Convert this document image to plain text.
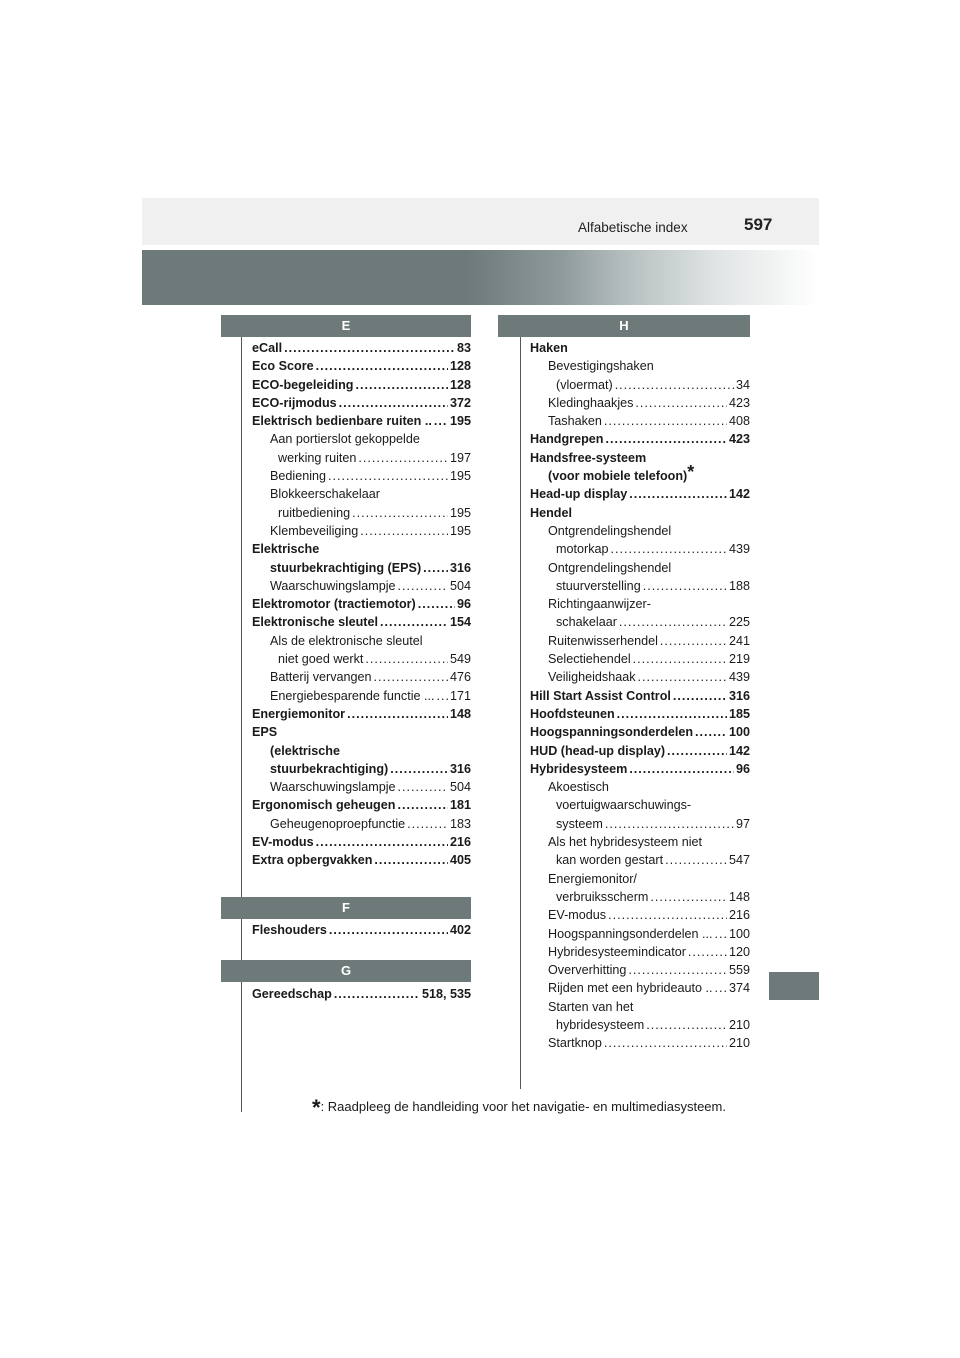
Alfabetische index	597
E
eCall .....	83
Eco Score .....	128
ECO-begeleiding .....	128
ECO-rijmodus .....	372
Elektrisch bedienbare ruiten .. ..... 195
Aan portierslot gekoppelde
werking ruiten .....	197
Bediening .....	195
Blokkeerschakelaar
ruitbediening .....	195
Klembeveiliging .....	195
Elektrische
stuurbekrachtiging (EPS) ..... 316
Waarschuwingslampje .....	504
Elektromotor (tractiemotor) .....	96
Elektronische sleutel .....	154
Als de elektronische sleutel
niet goed werkt .....	549
Batterij vervangen .....	476
Energiebesparende functie ... ..... 171
Energiemonitor .....	148
EPS
(elektrische
stuurbekrachtiging) .....	316
Waarschuwingslampje .....	504
Ergonomisch geheugen .....	181
Geheugenoproepfunctie .....	183
EV-modus .....	216
Extra opbergvakken .....	405
F
Fleshouders .....	402
G
Gereedschap .....	518, 535
H
Haken
Bevestigingshaken
(vloermat) .....	34
Kledinghaakjes .....	423
Tashaken .....	408
Handgrepen .....	423
Handsfree-systeem
(voor mobiele telefoon)*
Head-up display .....	142
Hendel
Ontgrendelingshendel
motorkap .....	439
Ontgrendelingshendel
stuurverstelling .....	188
Richtingaanwijzer-
schakelaar .....	225
Ruitenwisserhendel .....	241
Selectiehendel .....	219
Veiligheidshaak .....	439
Hill Start Assist Control .....	316
Hoofdsteunen .....	185
Hoogspanningsonderdelen .....	100
HUD (head-up display) .....	142
Hybridesysteem .....	96
Akoestisch
voertuigwaarschuwings-
systeem .....	97
Als het hybridesysteem niet
kan worden gestart .....	547
Energiemonitor/
verbruiksscherm .....	148
EV-modus .....	216
Hoogspanningsonderdelen ... ..... 100
Hybridesysteemindicator .....	120
Oververhitting .....	559
Rijden met een hybrideauto .. ..... 374
Starten van het
hybridesysteem .....	210
Startknop .....	210
*: Raadpleeg de handleiding voor het navigatie- en multimediasysteem.
